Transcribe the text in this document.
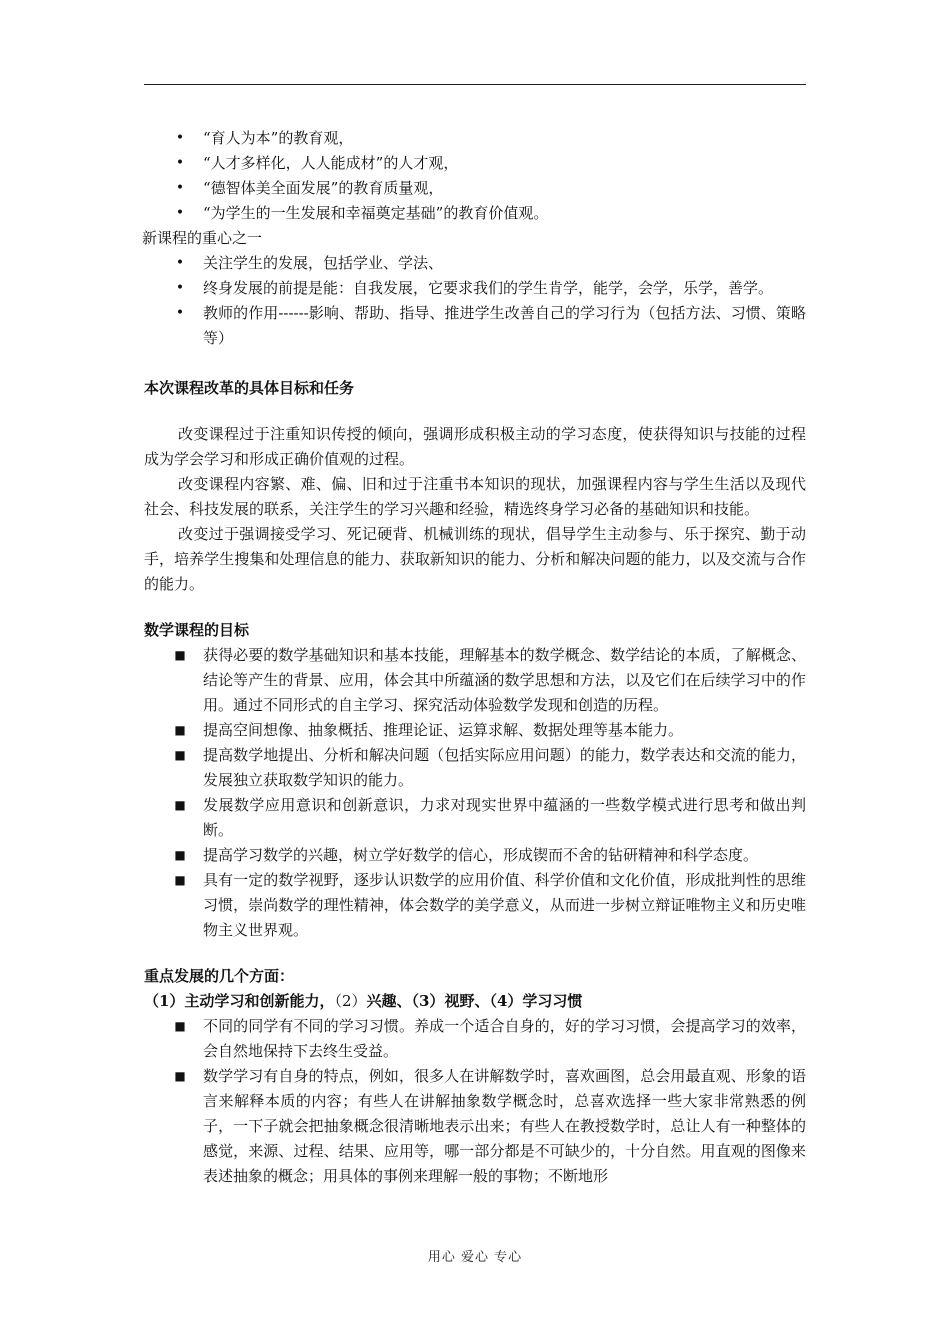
• “育人为本”的教育观，
• “人才多样化，人人能成材”的人才观，
• “德智体美全面发展”的教育质量观，
• “为学生的一生发展和幸福奠定基础”的教育价值观。
新课程的重心之一
• 关注学生的发展，包括学业、学法、
• 终身发展的前提是能：自我发展，它要求我们的学生肯学，能学，会学，乐学，善学。
• 教师的作用------影响、帮助、指导、推进学生改善自己的学习行为（包括方法、习惯、策略等）
本次课程改革的具体目标和任务
改变课程过于注重知识传授的倾向，强调形成积极主动的学习态度，使获得知识与技能的过程成为学会学习和形成正确价值观的过程。
改变课程内容繁、难、偏、旧和过于注重书本知识的现状，加强课程内容与学生生活以及现代社会、科技发展的联系，关注学生的学习兴趣和经验，精选终身学习必备的基础知识和技能。
改变过于强调接受学习、死记硬背、机械训练的现状，倡导学生主动参与、乐于探究、勤于动手，培养学生搜集和处理信息的能力、获取新知识的能力、分析和解决问题的能力，以及交流与合作的能力。
数学课程的目标
■ 获得必要的数学基础知识和基本技能，理解基本的数学概念、数学结论的本质，了解概念、结论等产生的背景、应用，体会其中所蕴涵的数学思想和方法，以及它们在后续学习中的作用。通过不同形式的自主学习、探究活动体验数学发现和创造的历程。
■ 提高空间想像、抽象概括、推理论证、运算求解、数据处理等基本能力。
■ 提高数学地提出、分析和解决问题（包括实际应用问题）的能力，数学表达和交流的能力，发展独立获取数学知识的能力。
■ 发展数学应用意识和创新意识，力求对现实世界中蕴涵的一些数学模式进行思考和做出判断。
■ 提高学习数学的兴趣，树立学好数学的信心，形成锲而不舍的钻研精神和科学态度。
■ 具有一定的数学视野，逐步认识数学的应用价值、科学价值和文化价值，形成批判性的思维习惯，崇尚数学的理性精神，体会数学的美学意义，从而进一步树立辩证唯物主义和历史唯物主义世界观。
重点发展的几个方面：
（1）主动学习和创新能力，（2）兴趣、（3）视野、（4）学习习惯
■ 不同的同学有不同的学习习惯。养成一个适合自身的，好的学习习惯，会提高学习的效率，会自然地保持下去终生受益。
■ 数学学习有自身的特点，例如，很多人在讲解数学时，喜欢画图，总会用最直观、形象的语言来解释本质的内容；有些人在讲解抽象数学概念时，总喜欢选择一些大家非常熟悉的例子，一下子就会把抽象概念很清晰地表示出来；有些人在教授数学时，总让人有一种整体的感觉，来源、过程、结果、应用等，哪一部分都是不可缺少的，十分自然。用直观的图像来表述抽象的概念；用具体的事例来理解一般的事物；不断地形
用心 爱心 专心
